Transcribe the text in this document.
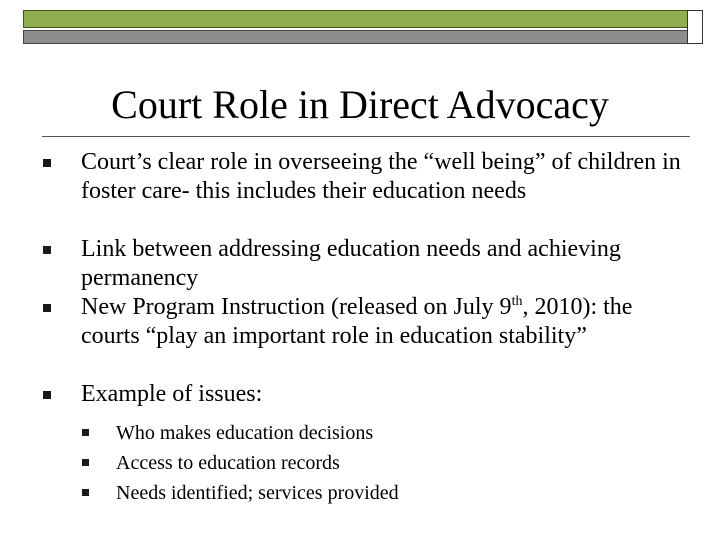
Court Role in Direct Advocacy
Court’s clear role in overseeing the “well being” of children in foster care- this includes their education needs
Link between addressing education needs and achieving permanency
New Program Instruction (released on July 9th, 2010): the courts “play an important role in education stability”
Example of issues:
Who makes education decisions
Access to education records
Needs identified; services provided
